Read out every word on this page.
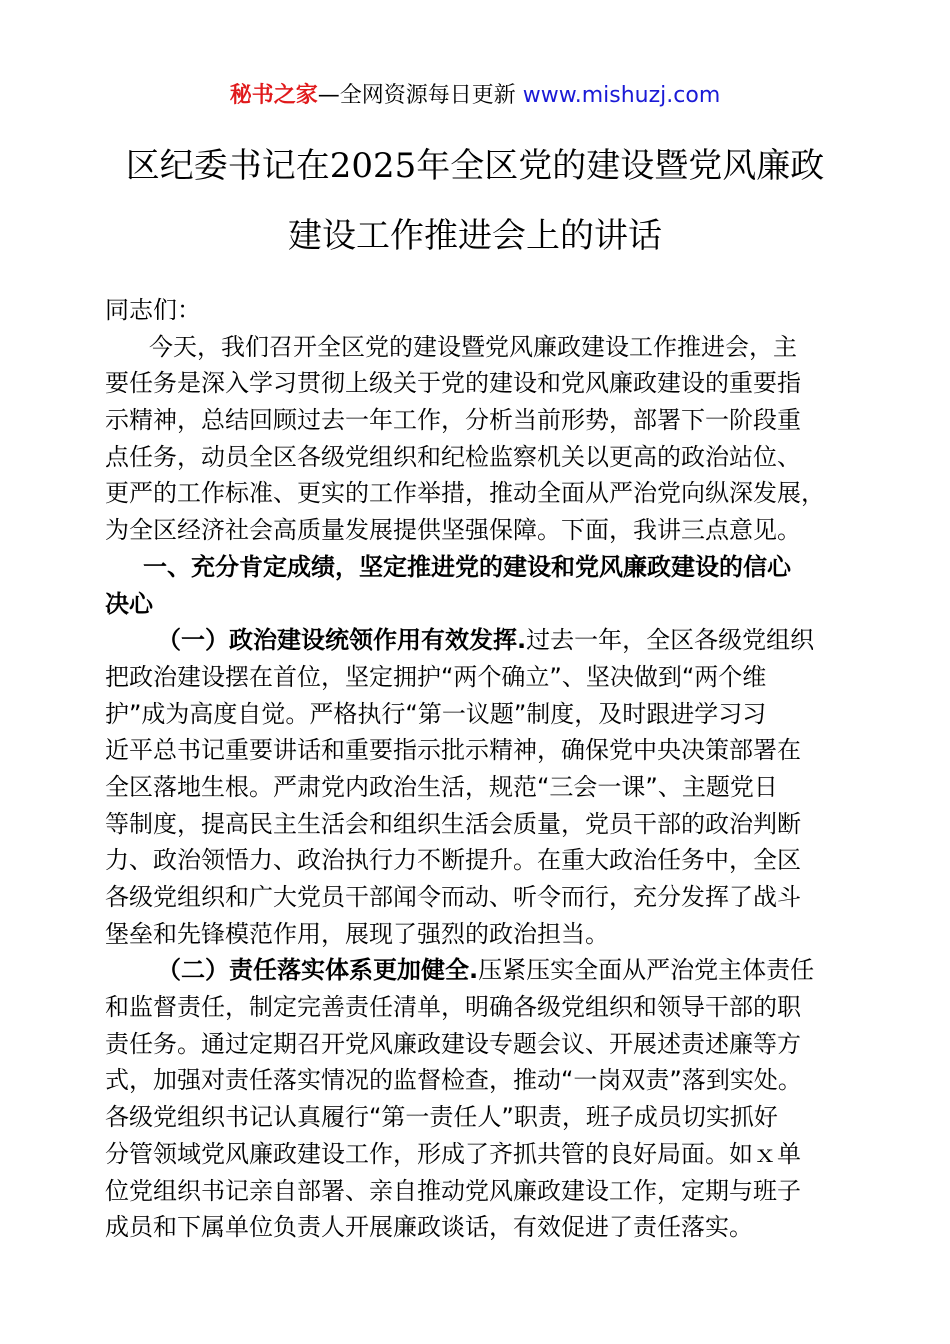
秘书之家—全网资源每日更新 www.mishuzj.com
区纪委书记在2025年全区党的建设暨党风廉政
建设工作推进会上的讲话
同志们：
今天，我们召开全区党的建设暨党风廉政建设工作推进会，主
要任务是深入学习贯彻上级关于党的建设和党风廉政建设的重要指
示精神，总结回顾过去一年工作，分析当前形势，部署下一阶段重
点任务，动员全区各级党组织和纪检监察机关以更高的政治站位、
更严的工作标准、更实的工作举措，推动全面从严治党向纵深发展，
为全区经济社会高质量发展提供坚强保障。下面，我讲三点意见。
一、充分肯定成绩，坚定推进党的建设和党风廉政建设的信心
决心
（一）政治建设统领作用有效发挥.过去一年，全区各级党组织
把政治建设摆在首位，坚定拥护“两个确立”、坚决做到“两个维
护”成为高度自觉。严格执行“第一议题”制度，及时跟进学习习
近平总书记重要讲话和重要指示批示精神，确保党中央决策部署在
全区落地生根。严肃党内政治生活，规范“三会一课”、主题党日
等制度，提高民主生活会和组织生活会质量，党员干部的政治判断
力、政治领悟力、政治执行力不断提升。在重大政治任务中，全区
各级党组织和广大党员干部闻令而动、听令而行，充分发挥了战斗
堡垒和先锋模范作用，展现了强烈的政治担当。
（二）责任落实体系更加健全.压紧压实全面从严治党主体责任
和监督责任，制定完善责任清单，明确各级党组织和领导干部的职
责任务。通过定期召开党风廉政建设专题会议、开展述责述廉等方
式，加强对责任落实情况的监督检查，推动“一岗双责”落到实处。
各级党组织书记认真履行“第一责任人”职责，班子成员切实抓好
分管领域党风廉政建设工作，形成了齐抓共管的良好局面。如ｘ单
位党组织书记亲自部署、亲自推动党风廉政建设工作，定期与班子
成员和下属单位负责人开展廉政谈话，有效促进了责任落实。
